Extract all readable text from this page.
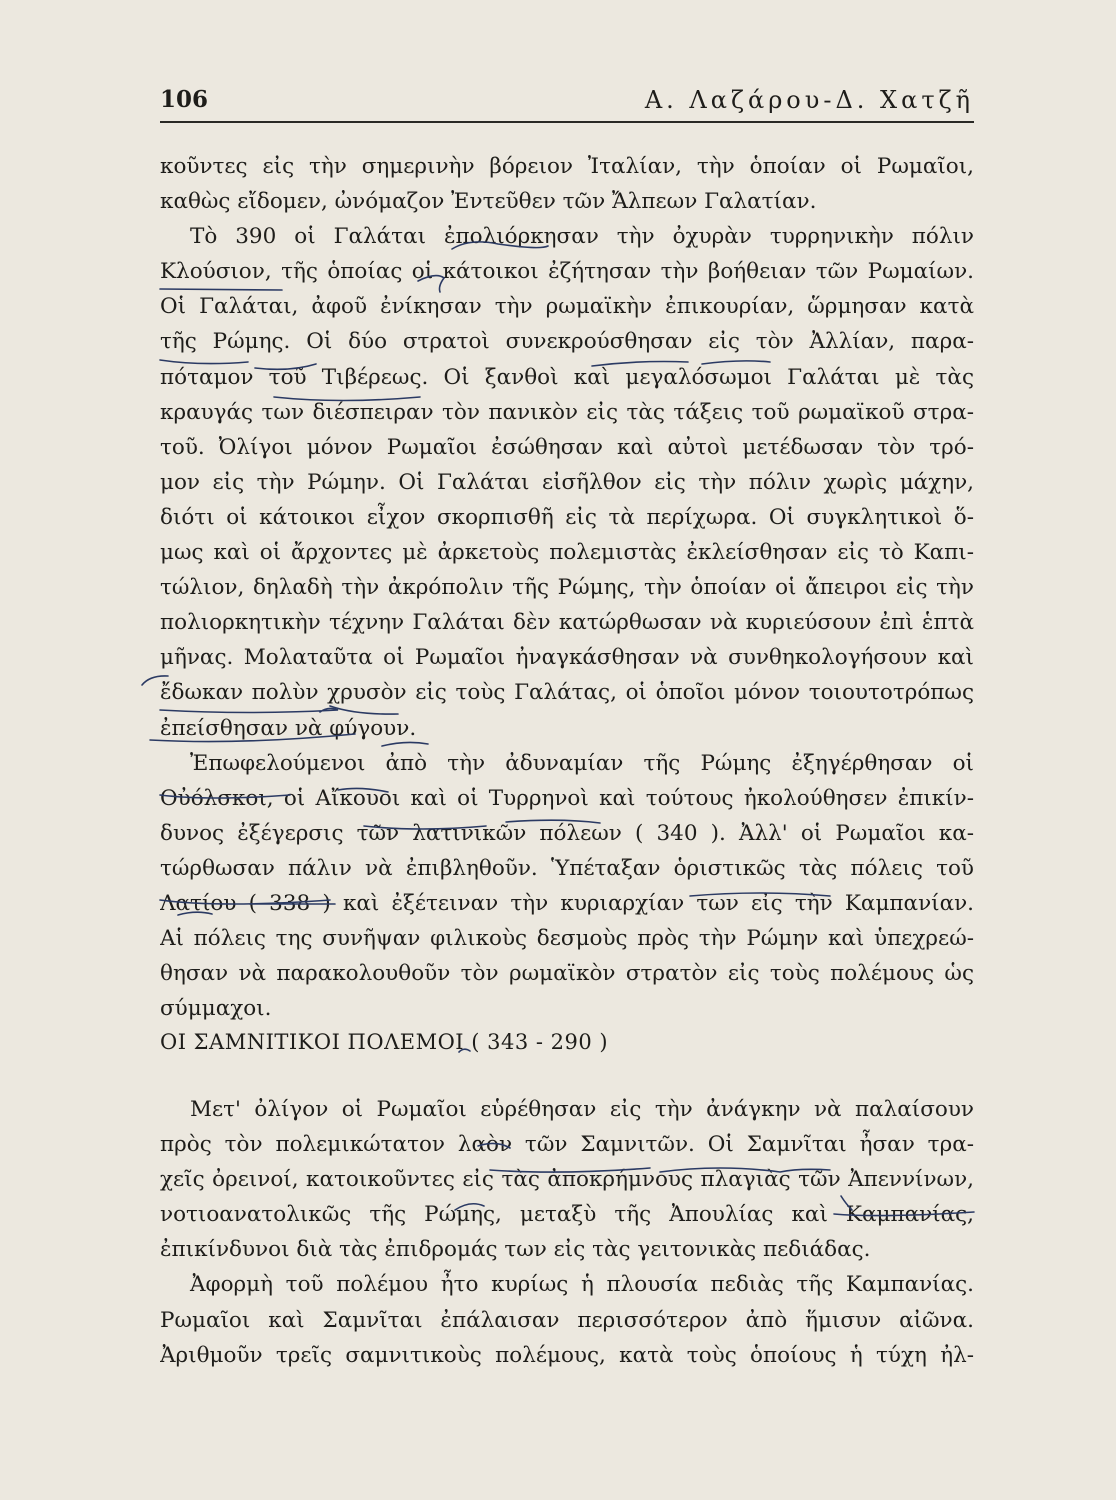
106	Α. Λαζάρου-Δ. Χατζῆ
κοῦντες εἰς τὴν σημερινὴν βόρειον Ἰταλίαν, τὴν ὁποίαν οἱ Ρωμαῖοι,
καθὼς εἴδομεν, ὠνόμαζον Ἐντεῦθεν τῶν Ἄλπεων Γαλατίαν.
Τὸ 390 οἱ Γαλάται ἐπολιόρκησαν τὴν ὀχυρὰν τυρρηνικὴν πόλιν
Κλούσιον, τῆς ὁποίας οἱ κάτοικοι ἐζήτησαν τὴν βοήθειαν τῶν Ρωμαίων.
Οἱ Γαλάται, ἀφοῦ ἐνίκησαν τὴν ρωμαϊκὴν ἐπικουρίαν, ὥρμησαν κατὰ
τῆς Ρώμης. Οἱ δύο στρατοὶ συνεκρούσθησαν εἰς τὸν Ἀλλίαν, παρα-
πόταμον τοῦ Τιβέρεως. Οἱ ξανθοὶ καὶ μεγαλόσωμοι Γαλάται μὲ τὰς
κραυγάς των διέσπειραν τὸν πανικὸν εἰς τὰς τάξεις τοῦ ρωμαϊκοῦ στρα-
τοῦ. Ὀλίγοι μόνον Ρωμαῖοι ἐσώθησαν καὶ αὐτοὶ μετέδωσαν τὸν τρό-
μον εἰς τὴν Ρώμην. Οἱ Γαλάται εἰσῆλθον εἰς τὴν πόλιν χωρὶς μάχην,
διότι οἱ κάτοικοι εἶχον σκορπισθῆ εἰς τὰ περίχωρα. Οἱ συγκλητικοὶ ὅ-
μως καὶ οἱ ἄρχοντες μὲ ἀρκετοὺς πολεμιστὰς ἐκλείσθησαν εἰς τὸ Καπι-
τώλιον, δηλαδὴ τὴν ἀκρόπολιν τῆς Ρώμης, τὴν ὁποίαν οἱ ἄπειροι εἰς τὴν
πολιορκητικὴν τέχνην Γαλάται δὲν κατώρθωσαν νὰ κυριεύσουν ἐπὶ ἑπτὰ
μῆνας. Μολαταῦτα οἱ Ρωμαῖοι ἠναγκάσθησαν νὰ συνθηκολογήσουν καὶ
ἔδωκαν πολὺν χρυσὸν εἰς τοὺς Γαλάτας, οἱ ὁποῖοι μόνον τοιουτοτρόπως
ἐπείσθησαν νὰ φύγουν.
Ἐπωφελούμενοι ἀπὸ τὴν ἀδυναμίαν τῆς Ρώμης ἐξηγέρθησαν οἱ
Οὐόλσκοι, οἱ Αἴκουοι καὶ οἱ Τυρρηνοὶ καὶ τούτους ἠκολούθησεν ἐπικίν-
δυνος ἐξέγερσις τῶν λατινικῶν πόλεων ( 340 ). Ἀλλ' οἱ Ρωμαῖοι κα-
τώρθωσαν πάλιν νὰ ἐπιβληθοῦν. Ὑπέταξαν ὁριστικῶς τὰς πόλεις τοῦ
Λατίου ( 338 ) καὶ ἐξέτειναν τὴν κυριαρχίαν των εἰς τὴν Καμπανίαν.
Αἱ πόλεις της συνῆψαν φιλικοὺς δεσμοὺς πρὸς τὴν Ρώμην καὶ ὑπεχρεώ-
θησαν νὰ παρακολουθοῦν τὸν ρωμαϊκὸν στρατὸν εἰς τοὺς πολέμους ὡς
σύμμαχοι.
ΟΙ ΣΑΜΝΙΤΙΚΟΙ ΠΟΛΕΜΟΙ ( 343 - 290 )
Μετ' ὀλίγον οἱ Ρωμαῖοι εὑρέθησαν εἰς τὴν ἀνάγκην νὰ παλαίσουν
πρὸς τὸν πολεμικώτατον λαὸν τῶν Σαμνιτῶν. Οἱ Σαμνῖται ἦσαν τρα-
χεῖς ὀρεινοί, κατοικοῦντες εἰς τὰς ἀποκρήμνους πλαγιὰς τῶν Ἀπεννίνων,
νοτιοανατολικῶς τῆς Ρώμης, μεταξὺ τῆς Ἀπουλίας καὶ Καμπανίας,
ἐπικίνδυνοι διὰ τὰς ἐπιδρομάς των εἰς τὰς γειτονικὰς πεδιάδας.
Ἀφορμὴ τοῦ πολέμου ἦτο κυρίως ἡ πλουσία πεδιὰς τῆς Καμπανίας.
Ρωμαῖοι καὶ Σαμνῖται ἐπάλαισαν περισσότερον ἀπὸ ἥμισυν αἰῶνα.
Ἀριθμοῦν τρεῖς σαμνιτικοὺς πολέμους, κατὰ τοὺς ὁποίους ἡ τύχη ἠλ-
